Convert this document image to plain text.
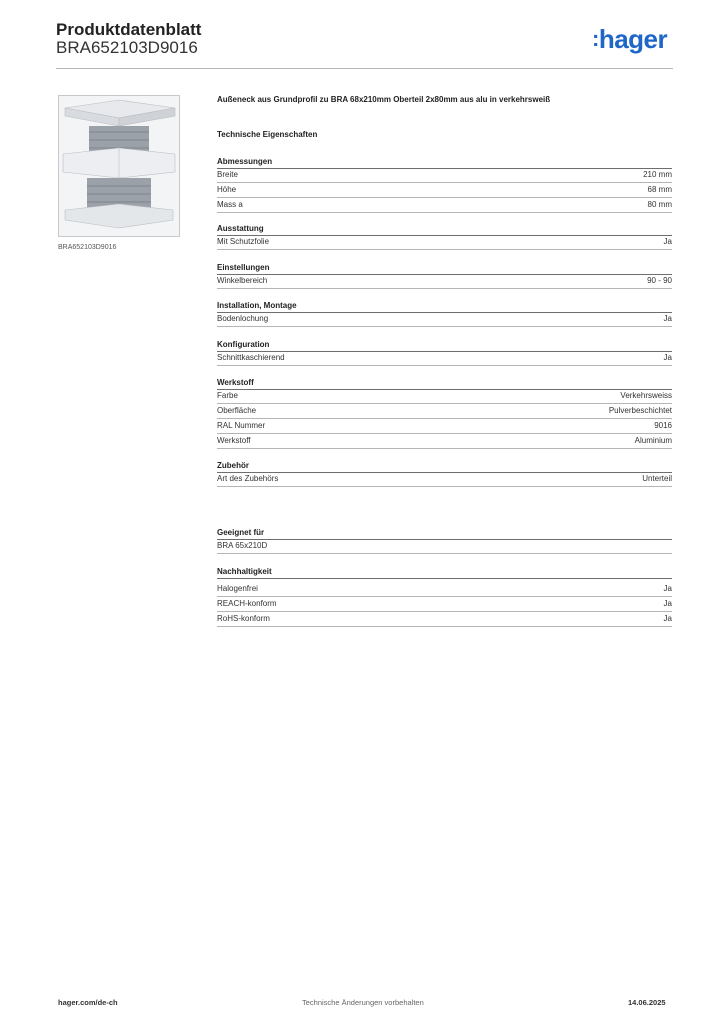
Produktdatenblatt
BRA652103D9016	:hager
BRA652103D9016
Außeneck aus Grundprofil zu BRA 68x210mm Oberteil 2x80mm aus alu in verkehrsweiß
Technische Eigenschaften
Abmessungen
Breite	210 mm
Höhe	68 mm
Mass a	80 mm
Ausstattung
Mit Schutzfolie	Ja
Einstellungen
Winkelbereich	90 - 90
Installation, Montage
Bodenlochung	Ja
Konfiguration
Schnittkaschierend	Ja
Werkstoff
Farbe	Verkehrsweiss
Oberfläche	Pulverbeschichtet
RAL Nummer	9016
Werkstoff	Aluminium
Zubehör
Art des Zubehörs	Unterteil
Geeignet für
BRA 65x210D
Nachhaltigkeit
Halogenfrei	Ja
REACH-konform	Ja
RoHS-konform	Ja
hager.com/de-ch	Technische Änderungen vorbehalten	14.06.2025
